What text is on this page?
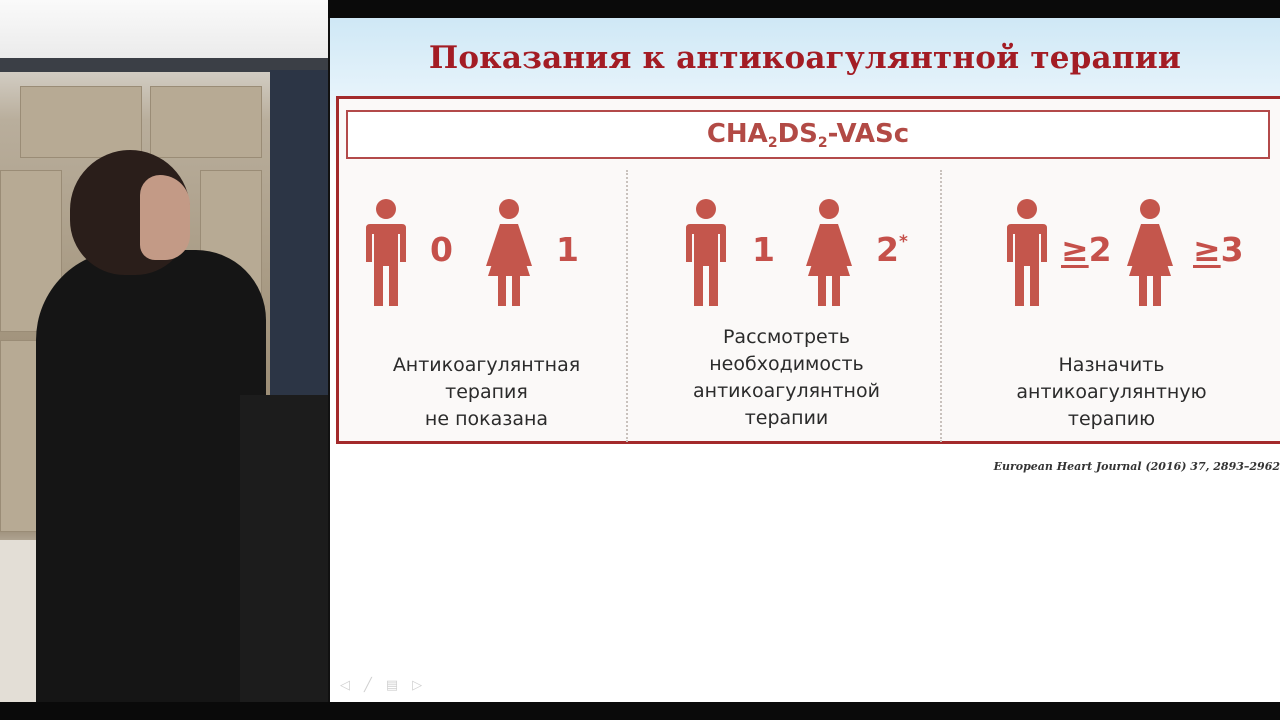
Показания к антикоагулянтной терапии
$CHA_2DS_2$-VASc
0	1
Антикоагулянтная
терапия
не показана
1	2*
Рассмотреть
необходимость
антикоагулянтной
терапии
≥2 ≥3
Назначить
антикоагулянтную
терапию
European Heart Journal (2016) 37, 2893–2962
◁╱▤▷
